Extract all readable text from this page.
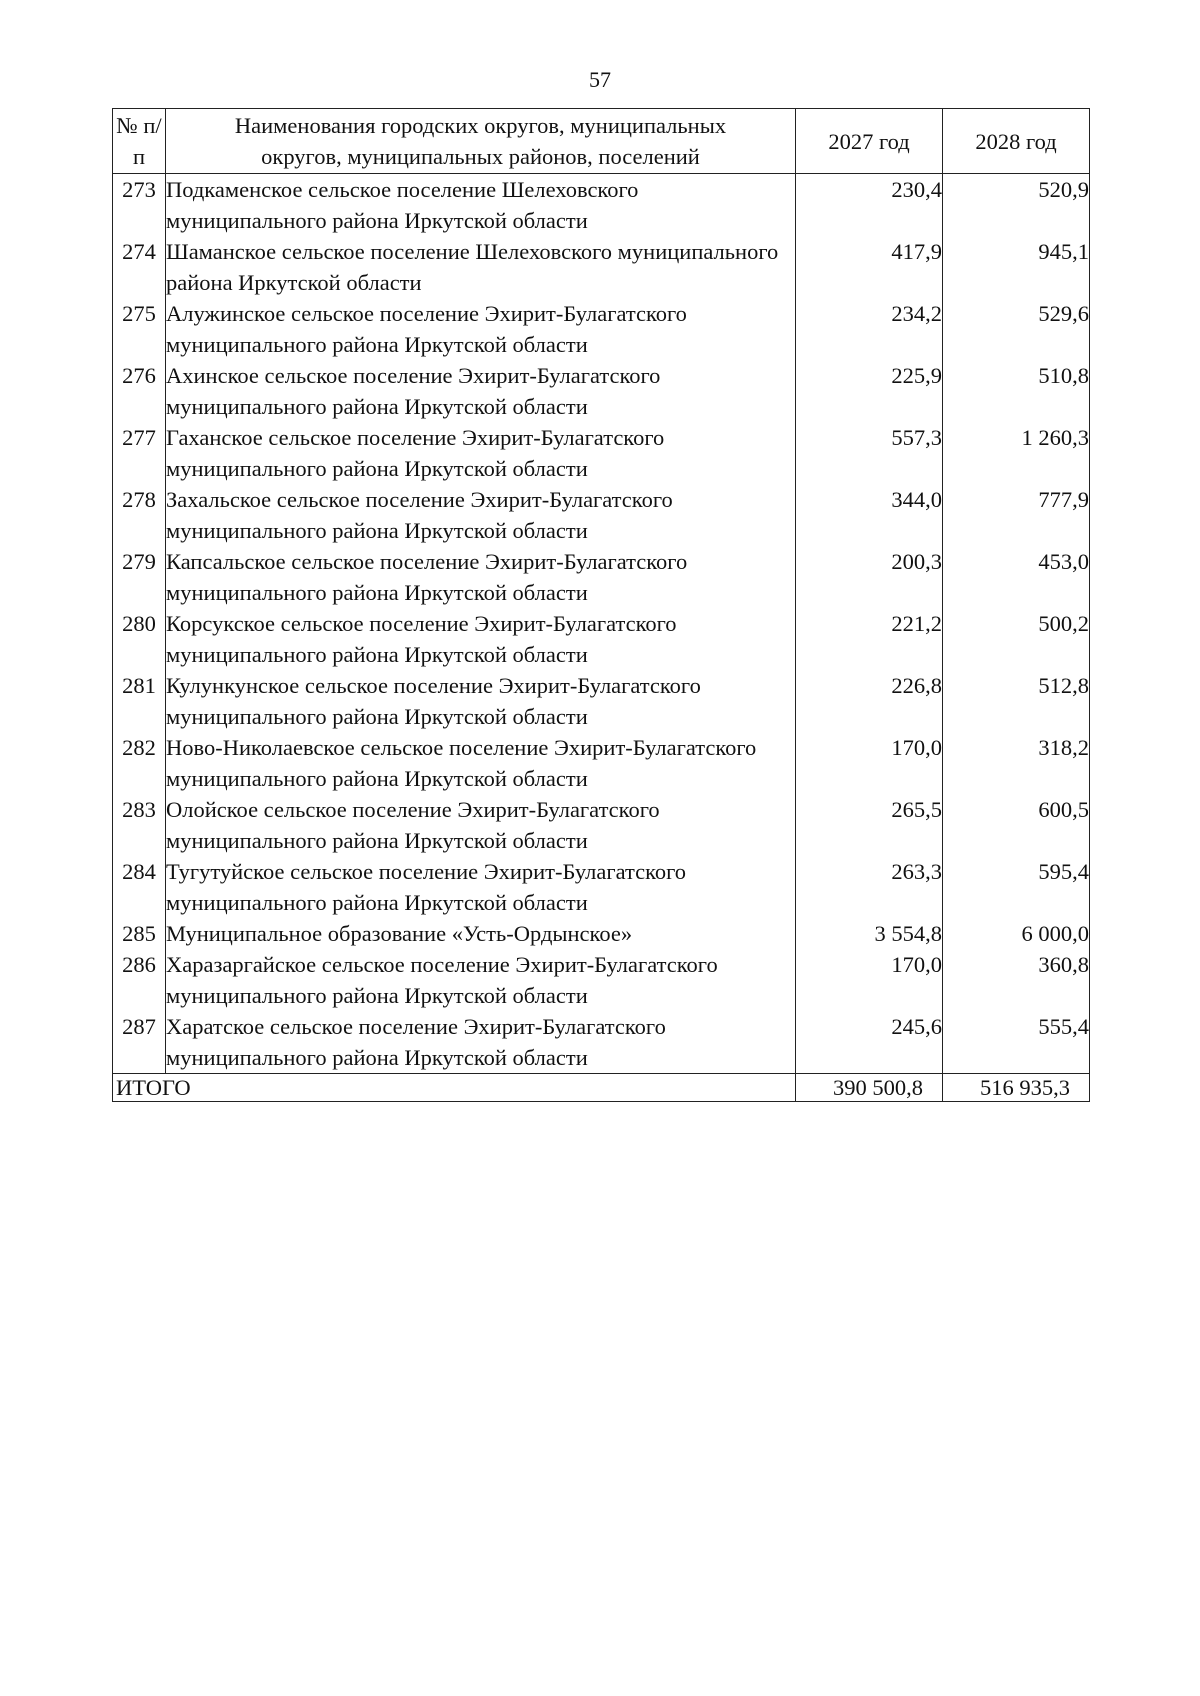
57
№ п/п	Наименования городских округов, муниципальных округов, муниципальных районов, поселений	2027 год	2028 год
273	Подкаменское сельское поселение Шелеховского муниципального района Иркутской области	230,4	520,9
274	Шаманское сельское поселение Шелеховского муниципального района Иркутской области	417,9	945,1
275	Алужинское сельское поселение Эхирит-Булагатского муниципального района Иркутской области	234,2	529,6
276	Ахинское сельское поселение Эхирит-Булагатского муниципального района Иркутской области	225,9	510,8
277	Гаханское сельское поселение Эхирит-Булагатского муниципального района Иркутской области	557,3	1 260,3
278	Захальское сельское поселение Эхирит-Булагатского муниципального района Иркутской области	344,0	777,9
279	Капсальское сельское поселение Эхирит-Булагатского муниципального района Иркутской области	200,3	453,0
280	Корсукское сельское поселение Эхирит-Булагатского муниципального района Иркутской области	221,2	500,2
281	Кулункунское сельское поселение Эхирит-Булагатского муниципального района Иркутской области	226,8	512,8
282	Ново-Николаевское сельское поселение Эхирит-Булагатского муниципального района Иркутской области	170,0	318,2
283	Олойское сельское поселение Эхирит-Булагатского муниципального района Иркутской области	265,5	600,5
284	Тугутуйское сельское поселение Эхирит-Булагатского муниципального района Иркутской области	263,3	595,4
285	Муниципальное образование «Усть-Ордынское»	3 554,8	6 000,0
286	Харазаргайское сельское поселение Эхирит-Булагатского муниципального района Иркутской области	170,0	360,8
287	Харатское сельское поселение Эхирит-Булагатского муниципального района Иркутской области	245,6	555,4
ИТОГО		390 500,8	516 935,3
